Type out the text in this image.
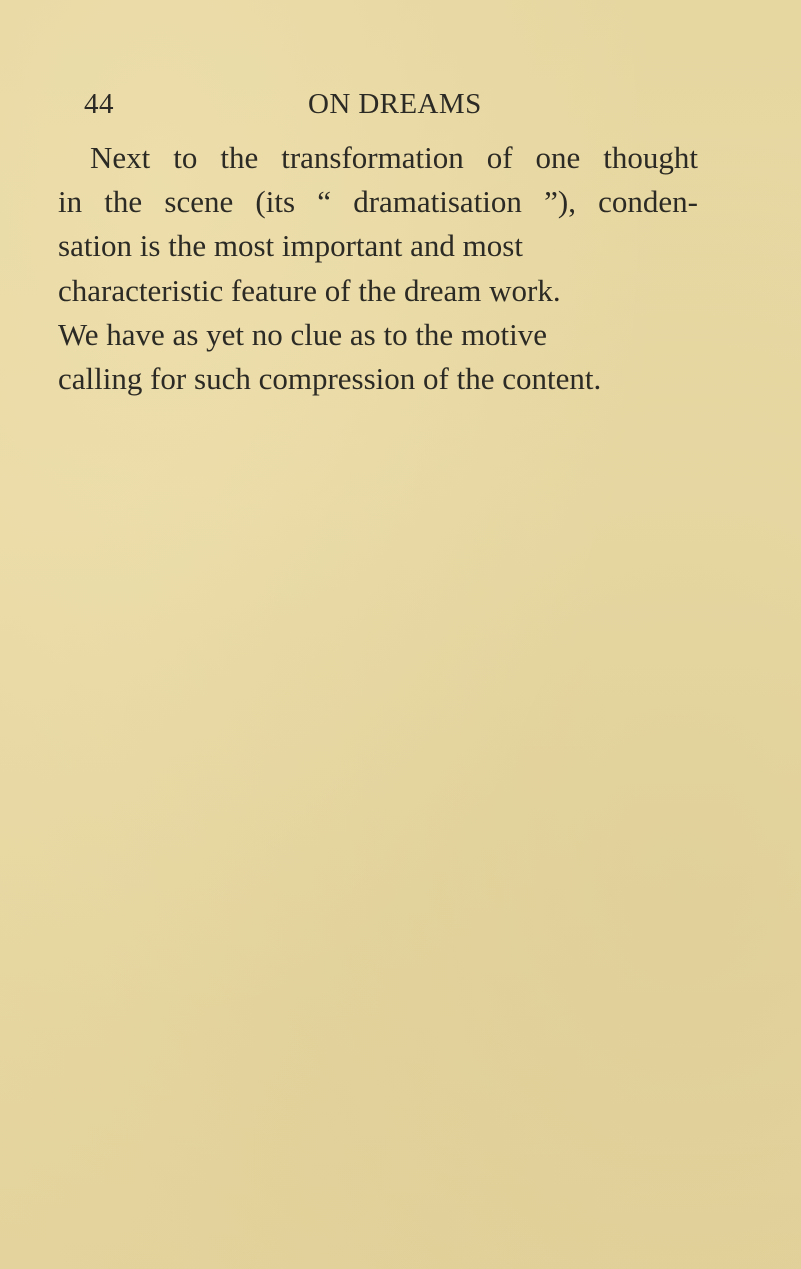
44	ON DREAMS
Next to the transformation of one thought
in the scene (its “ dramatisation ”), conden-
sation is the most important and most
characteristic feature of the dream work.
We have as yet no clue as to the motive
calling for such compression of the content.
